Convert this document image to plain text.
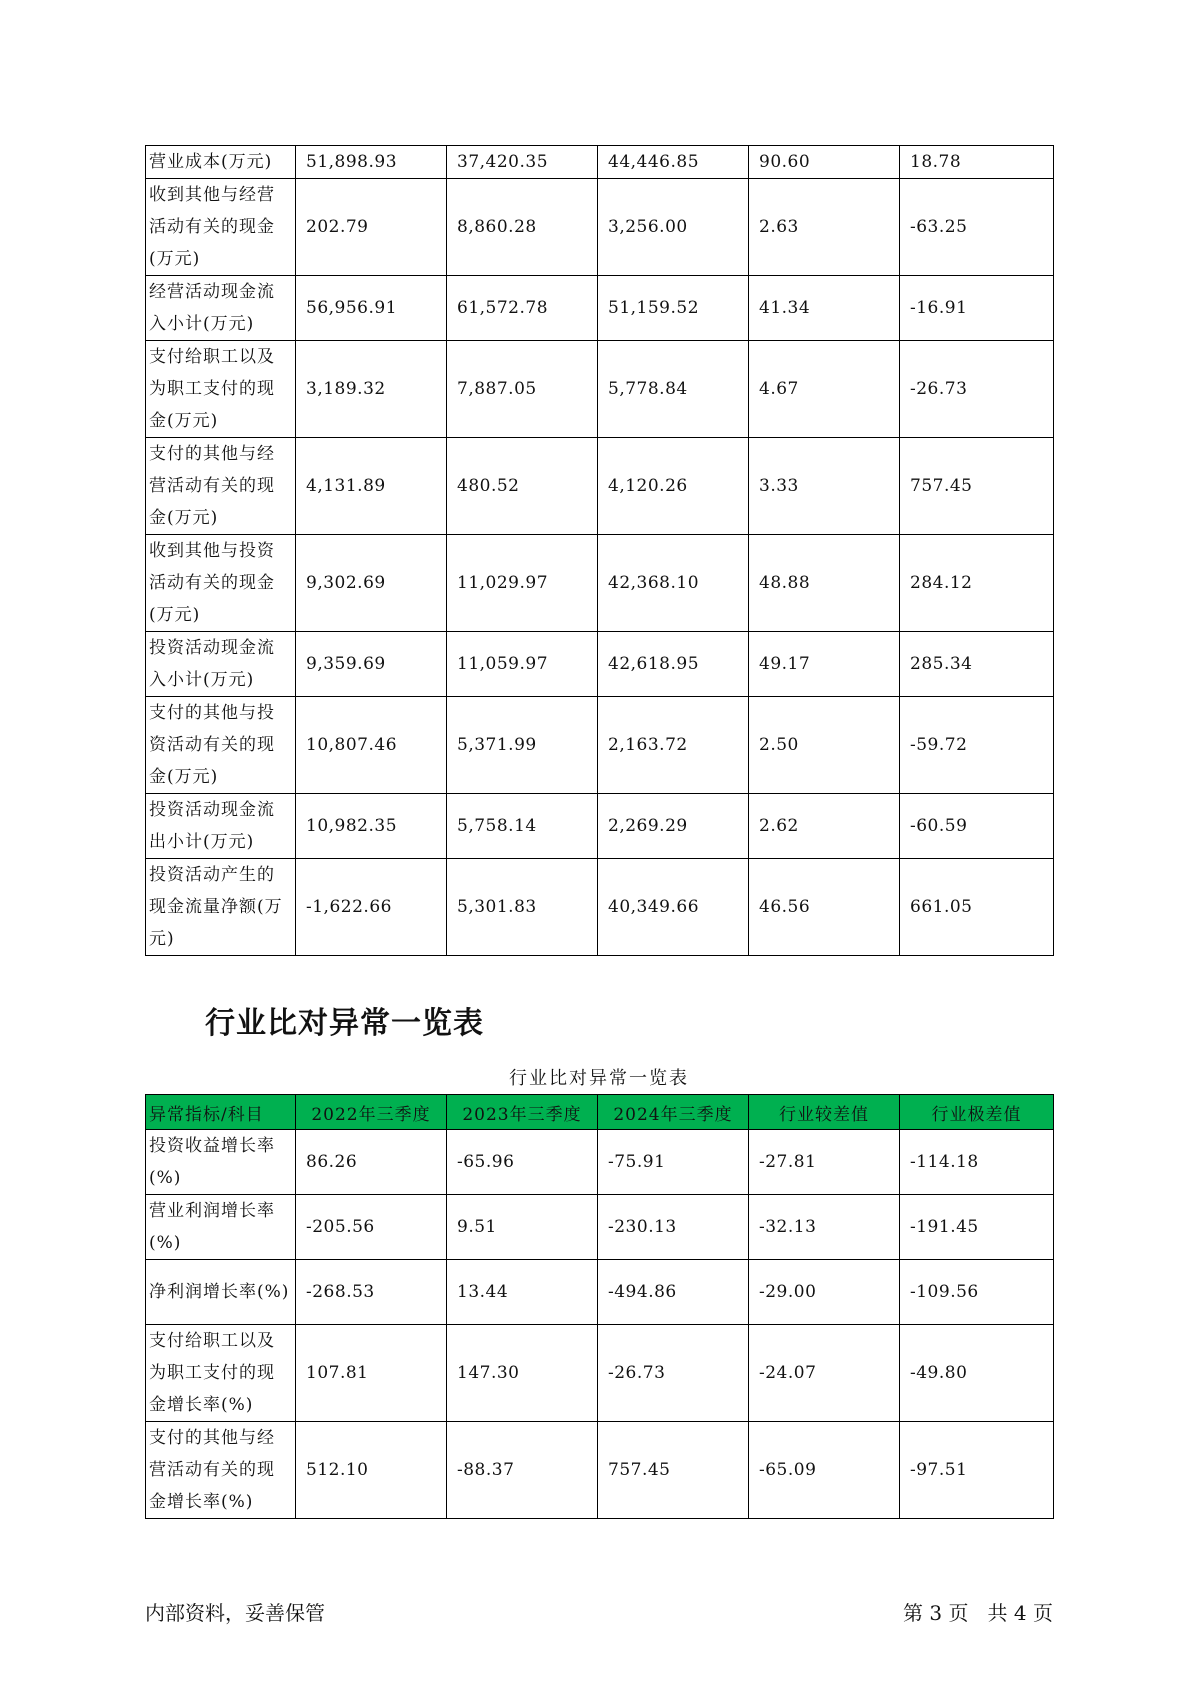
营业成本(万元)	51,898.93	37,420.35	44,446.85	90.60	18.78
收到其他与经营活动有关的现金(万元)	202.79	8,860.28	3,256.00	2.63	-63.25
经营活动现金流入小计(万元)	56,956.91	61,572.78	51,159.52	41.34	-16.91
支付给职工以及为职工支付的现金(万元)	3,189.32	7,887.05	5,778.84	4.67	-26.73
支付的其他与经营活动有关的现金(万元)	4,131.89	480.52	4,120.26	3.33	757.45
收到其他与投资活动有关的现金(万元)	9,302.69	11,029.97	42,368.10	48.88	284.12
投资活动现金流入小计(万元)	9,359.69	11,059.97	42,618.95	49.17	285.34
支付的其他与投资活动有关的现金(万元)	10,807.46	5,371.99	2,163.72	2.50	-59.72
投资活动现金流出小计(万元)	10,982.35	5,758.14	2,269.29	2.62	-60.59
投资活动产生的现金流量净额(万元)	-1,622.66	5,301.83	40,349.66	46.56	661.05
行业比对异常一览表
行业比对异常一览表
异常指标/科目	2022年三季度	2023年三季度	2024年三季度	行业较差值	行业极差值
投资收益增长率(%)	86.26	-65.96	-75.91	-27.81	-114.18
营业利润增长率(%)	-205.56	9.51	-230.13	-32.13	-191.45
净利润增长率(%)	-268.53	13.44	-494.86	-29.00	-109.56
支付给职工以及为职工支付的现金增长率(%)	107.81	147.30	-26.73	-24.07	-49.80
支付的其他与经营活动有关的现金增长率(%)	512.10	-88.37	757.45	-65.09	-97.51
内部资料，妥善保管	第 3 页   共 4 页
